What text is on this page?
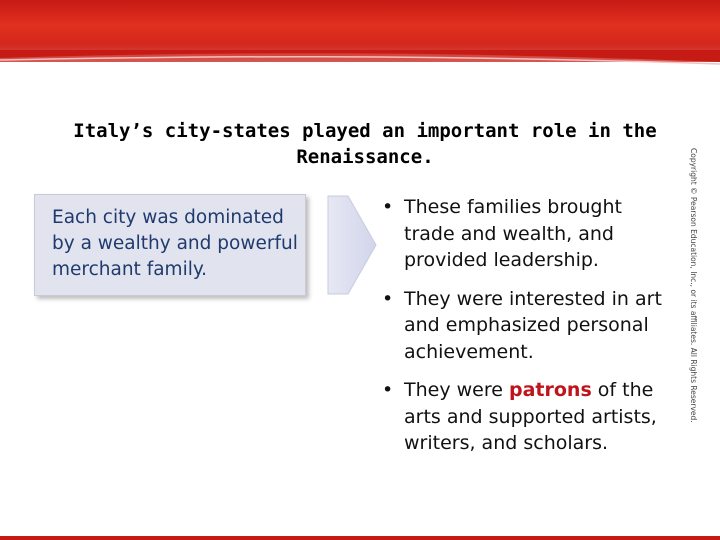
Italy’s city-states played an important role in the Renaissance.
Each city was dominated by a wealthy and powerful merchant family.
• These families brought trade and wealth, and provided leadership.
• They were interested in art and emphasized personal achievement.
• They were patrons of the arts and supported artists, writers, and scholars.
Copyright © Pearson Education, Inc., or its affiliates. All Rights Reserved.
